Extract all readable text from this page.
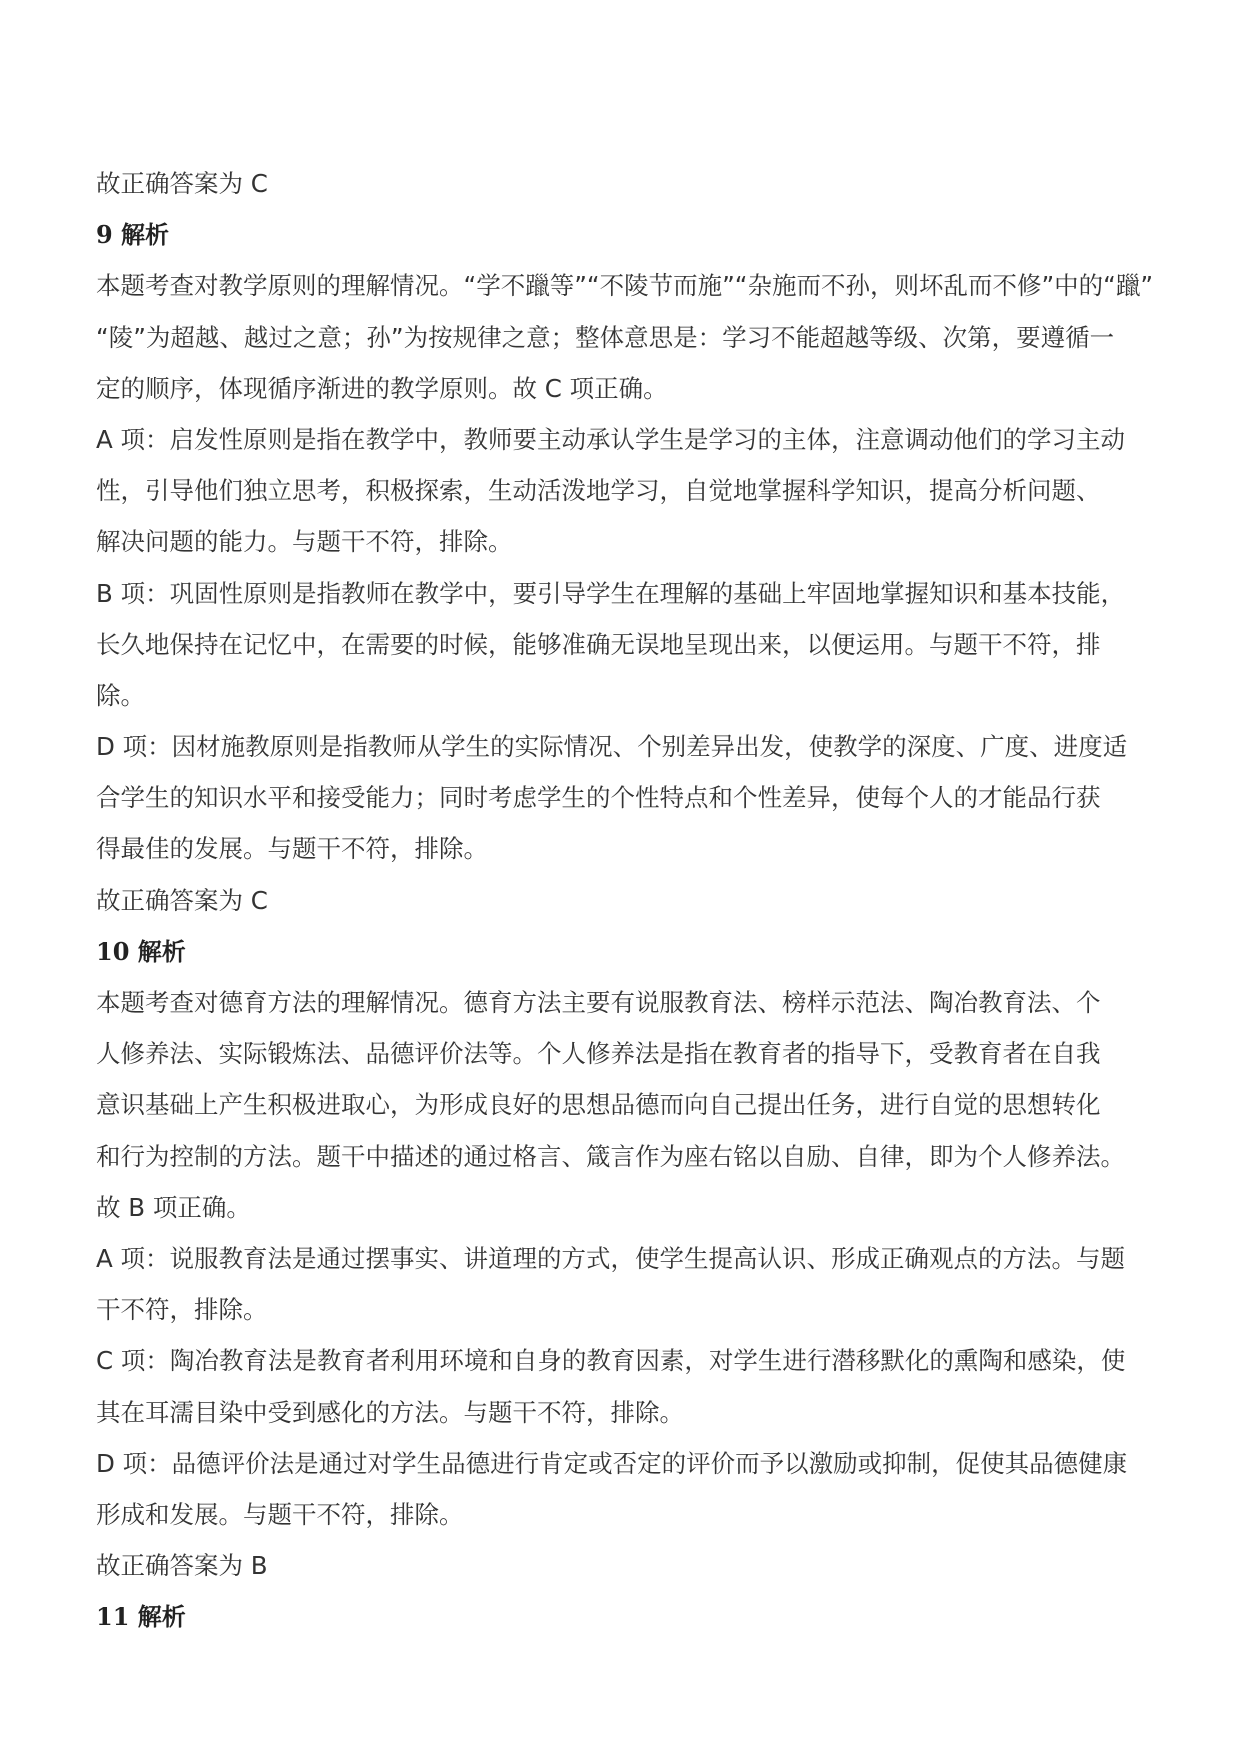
故正确答案为 C
9 解析
本题考查对教学原则的理解情况。“学不躐等”“不陵节而施”“杂施而不孙，则坏乱而不修”中的“躐”
“陵”为超越、越过之意；孙”为按规律之意；整体意思是：学习不能超越等级、次第，要遵循一
定的顺序，体现循序渐进的教学原则。故 C 项正确。
A 项：启发性原则是指在教学中，教师要主动承认学生是学习的主体，注意调动他们的学习主动
性，引导他们独立思考，积极探索，生动活泼地学习，自觉地掌握科学知识，提高分析问题、
解决问题的能力。与题干不符，排除。
B 项：巩固性原则是指教师在教学中，要引导学生在理解的基础上牢固地掌握知识和基本技能，
长久地保持在记忆中，在需要的时候，能够准确无误地呈现出来，以便运用。与题干不符，排
除。
D 项：因材施教原则是指教师从学生的实际情况、个别差异出发，使教学的深度、广度、进度适
合学生的知识水平和接受能力；同时考虑学生的个性特点和个性差异，使每个人的才能品行获
得最佳的发展。与题干不符，排除。
故正确答案为 C
10 解析
本题考查对德育方法的理解情况。德育方法主要有说服教育法、榜样示范法、陶冶教育法、个
人修养法、实际锻炼法、品德评价法等。个人修养法是指在教育者的指导下，受教育者在自我
意识基础上产生积极进取心，为形成良好的思想品德而向自己提出任务，进行自觉的思想转化
和行为控制的方法。题干中描述的通过格言、箴言作为座右铭以自励、自律，即为个人修养法。
故 B 项正确。
A 项：说服教育法是通过摆事实、讲道理的方式，使学生提高认识、形成正确观点的方法。与题
干不符，排除。
C 项：陶冶教育法是教育者利用环境和自身的教育因素，对学生进行潜移默化的熏陶和感染，使
其在耳濡目染中受到感化的方法。与题干不符，排除。
D 项：品德评价法是通过对学生品德进行肯定或否定的评价而予以激励或抑制，促使其品德健康
形成和发展。与题干不符，排除。
故正确答案为 B
11 解析
